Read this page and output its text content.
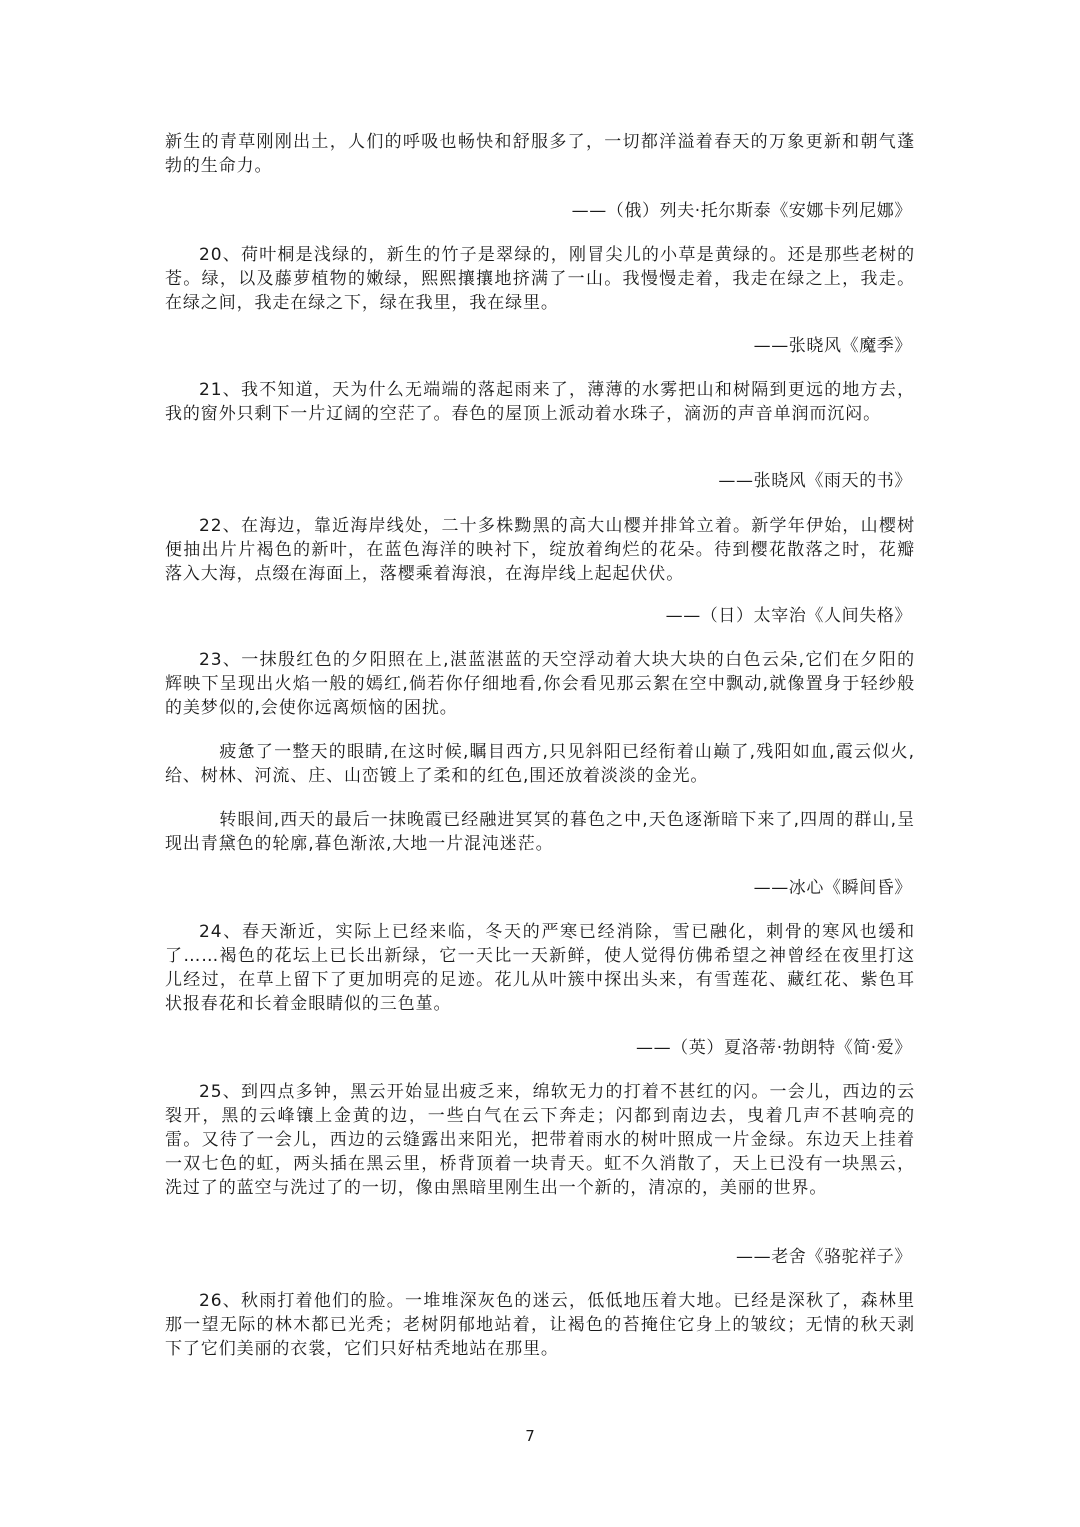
新生的青草刚刚出土，人们的呼吸也畅快和舒服多了，一切都洋溢着春天的万象更新和朝气蓬勃的生命力。

——（俄）列夫·托尔斯泰《安娜卡列尼娜》

20、荷叶桐是浅绿的，新生的竹子是翠绿的，刚冒尖儿的小草是黄绿的。还是那些老树的苍。绿，以及藤萝植物的嫩绿，熙熙攘攘地挤满了一山。我慢慢走着，我走在绿之上，我走。在绿之间，我走在绿之下，绿在我里，我在绿里。

——张晓风《魔季》

21、我不知道，天为什么无端端的落起雨来了，薄薄的水雾把山和树隔到更远的地方去，我的窗外只剩下一片辽阔的空茫了。春色的屋顶上派动着水珠子，滴沥的声音单润而沉闷。

——张晓风《雨天的书》

22、在海边，靠近海岸线处，二十多株黝黑的高大山樱并排耸立着。新学年伊始，山樱树便抽出片片褐色的新叶，在蓝色海洋的映衬下，绽放着绚烂的花朵。待到樱花散落之时，花瓣落入大海，点缀在海面上，落樱乘着海浪，在海岸线上起起伏伏。

——（日）太宰治《人间失格》

23、一抹殷红色的夕阳照在上,湛蓝湛蓝的天空浮动着大块大块的白色云朵,它们在夕阳的辉映下呈现出火焰一般的嫣红,倘若你仔细地看,你会看见那云絮在空中飘动,就像置身于轻纱般的美梦似的,会使你远离烦恼的困扰。

疲惫了一整天的眼睛,在这时候,瞩目西方,只见斜阳已经衔着山巅了,残阳如血,霞云似火,给、树林、河流、庄、山峦镀上了柔和的红色,围还放着淡淡的金光。

转眼间,西天的最后一抹晚霞已经融进冥冥的暮色之中,天色逐渐暗下来了,四周的群山,呈现出青黛色的轮廓,暮色渐浓,大地一片混沌迷茫。

——冰心《瞬间昏》

24、春天渐近，实际上已经来临，冬天的严寒已经消除，雪已融化，刺骨的寒风也缓和了……褐色的花坛上已长出新绿，它一天比一天新鲜，使人觉得仿佛希望之神曾经在夜里打这儿经过，在草上留下了更加明亮的足迹。花儿从叶簇中探出头来，有雪莲花、藏红花、紫色耳状报春花和长着金眼睛似的三色堇。

——（英）夏洛蒂·勃朗特《简·爱》

25、到四点多钟，黑云开始显出疲乏来，绵软无力的打着不甚红的闪。一会儿，西边的云裂开，黑的云峰镶上金黄的边，一些白气在云下奔走；闪都到南边去，曳着几声不甚响亮的雷。又待了一会儿，西边的云缝露出来阳光，把带着雨水的树叶照成一片金绿。东边天上挂着一双七色的虹，两头插在黑云里，桥背顶着一块青天。虹不久消散了，天上已没有一块黑云，洗过了的蓝空与洗过了的一切，像由黑暗里刚生出一个新的，清凉的，美丽的世界。

——老舍《骆驼祥子》

26、秋雨打着他们的脸。一堆堆深灰色的迷云，低低地压着大地。已经是深秋了，森林里那一望无际的林木都已光秃；老树阴郁地站着，让褐色的苔掩住它身上的皱纹；无情的秋天剥下了它们美丽的衣裳，它们只好枯秃地站在那里。

7
